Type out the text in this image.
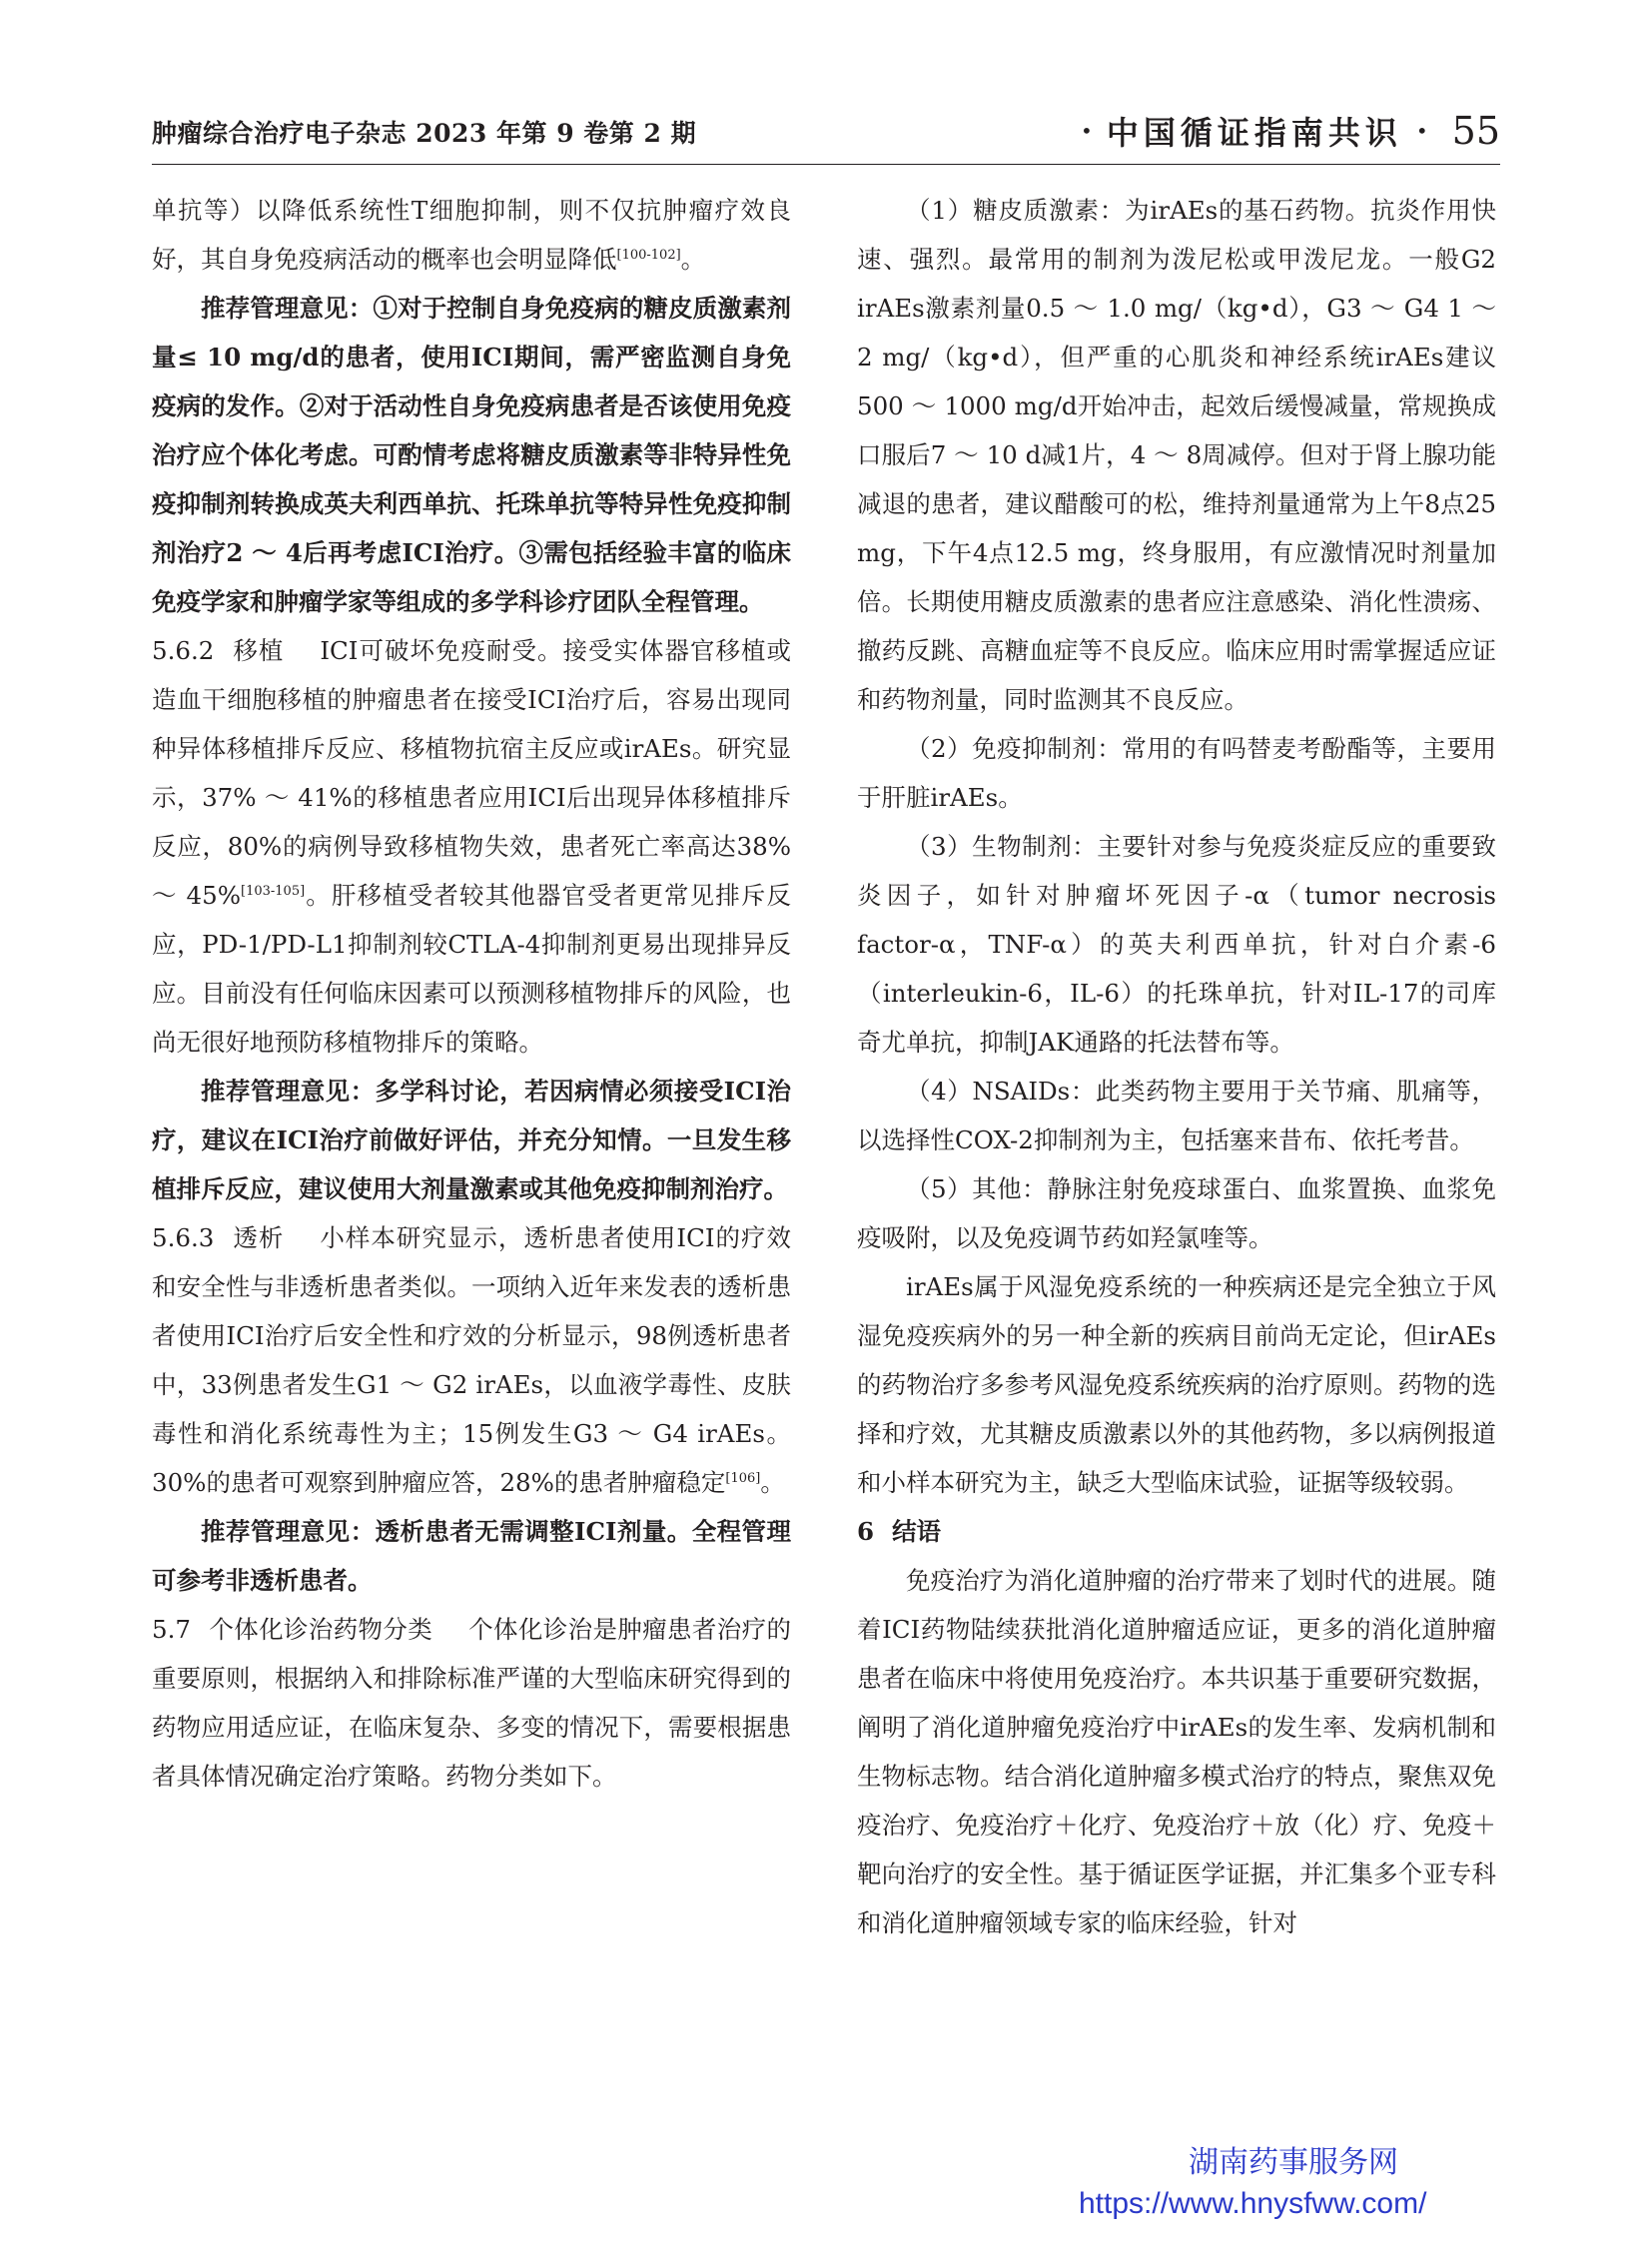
肿瘤综合治疗电子杂志 2023 年第 9 卷第 2 期	• 中国循证指南共识 • 55

单抗等）以降低系统性T细胞抑制，则不仅抗肿瘤疗效良好，其自身免疫病活动的概率也会明显降低[100-102]。

推荐管理意见：①对于控制自身免疫病的糖皮质激素剂量≤ 10 mg/d的患者，使用ICI期间，需严密监测自身免疫病的发作。②对于活动性自身免疫病患者是否该使用免疫治疗应个体化考虑。可酌情考虑将糖皮质激素等非特异性免疫抑制剂转换成英夫利西单抗、托珠单抗等特异性免疫抑制剂治疗2 ～ 4后再考虑ICI治疗。③需包括经验丰富的临床免疫学家和肿瘤学家等组成的多学科诊疗团队全程管理。

5.6.2 移植 ICI可破坏免疫耐受。接受实体器官移植或造血干细胞移植的肿瘤患者在接受ICI治疗后，容易出现同种异体移植排斥反应、移植物抗宿主反应或irAEs。研究显示，37% ～ 41%的移植患者应用ICI后出现异体移植排斥反应，80%的病例导致移植物失效，患者死亡率高达38% ～ 45%[103-105]。肝移植受者较其他器官受者更常见排斥反应，PD-1/PD-L1抑制剂较CTLA-4抑制剂更易出现排异反应。目前没有任何临床因素可以预测移植物排斥的风险，也尚无很好地预防移植物排斥的策略。

推荐管理意见：多学科讨论，若因病情必须接受ICI治疗，建议在ICI治疗前做好评估，并充分知情。一旦发生移植排斥反应，建议使用大剂量激素或其他免疫抑制剂治疗。

5.6.3 透析 小样本研究显示，透析患者使用ICI的疗效和安全性与非透析患者类似。一项纳入近年来发表的透析患者使用ICI治疗后安全性和疗效的分析显示，98例透析患者中，33例患者发生G1 ～ G2 irAEs，以血液学毒性、皮肤毒性和消化系统毒性为主；15例发生G3 ～ G4 irAEs。30%的患者可观察到肿瘤应答，28%的患者肿瘤稳定[106]。

推荐管理意见：透析患者无需调整ICI剂量。全程管理可参考非透析患者。

5.7 个体化诊治药物分类 个体化诊治是肿瘤患者治疗的重要原则，根据纳入和排除标准严谨的大型临床研究得到的药物应用适应证，在临床复杂、多变的情况下，需要根据患者具体情况确定治疗策略。药物分类如下。

（1）糖皮质激素：为irAEs的基石药物。抗炎作用快速、强烈。最常用的制剂为泼尼松或甲泼尼龙。一般G2 irAEs激素剂量0.5 ～ 1.0 mg/（kg•d），G3 ～ G4 1 ～ 2 mg/（kg•d），但严重的心肌炎和神经系统irAEs建议500 ～ 1000 mg/d开始冲击，起效后缓慢减量，常规换成口服后7 ～ 10 d减1片，4 ～ 8周减停。但对于肾上腺功能减退的患者，建议醋酸可的松，维持剂量通常为上午8点25 mg，下午4点12.5 mg，终身服用，有应激情况时剂量加倍。长期使用糖皮质激素的患者应注意感染、消化性溃疡、撤药反跳、高糖血症等不良反应。临床应用时需掌握适应证和药物剂量，同时监测其不良反应。

（2）免疫抑制剂：常用的有吗替麦考酚酯等，主要用于肝脏irAEs。

（3）生物制剂：主要针对参与免疫炎症反应的重要致炎因子，如针对肿瘤坏死因子-α（tumor necrosis factor-α，TNF-α）的英夫利西单抗，针对白介素-6（interleukin-6，IL-6）的托珠单抗，针对IL-17的司库奇尤单抗，抑制JAK通路的托法替布等。

（4）NSAIDs：此类药物主要用于关节痛、肌痛等，以选择性COX-2抑制剂为主，包括塞来昔布、依托考昔。

（5）其他：静脉注射免疫球蛋白、血浆置换、血浆免疫吸附，以及免疫调节药如羟氯喹等。

irAEs属于风湿免疫系统的一种疾病还是完全独立于风湿免疫疾病外的另一种全新的疾病目前尚无定论，但irAEs的药物治疗多参考风湿免疫系统疾病的治疗原则。药物的选择和疗效，尤其糖皮质激素以外的其他药物，多以病例报道和小样本研究为主，缺乏大型临床试验，证据等级较弱。

6 结语

免疫治疗为消化道肿瘤的治疗带来了划时代的进展。随着ICI药物陆续获批消化道肿瘤适应证，更多的消化道肿瘤患者在临床中将使用免疫治疗。本共识基于重要研究数据，阐明了消化道肿瘤免疫治疗中irAEs的发生率、发病机制和生物标志物。结合消化道肿瘤多模式治疗的特点，聚焦双免疫治疗、免疫治疗＋化疗、免疫治疗＋放（化）疗、免疫＋靶向治疗的安全性。基于循证医学证据，并汇集多个亚专科和消化道肿瘤领域专家的临床经验，针对

湖南药事服务网
https://www.hnysfww.com/
